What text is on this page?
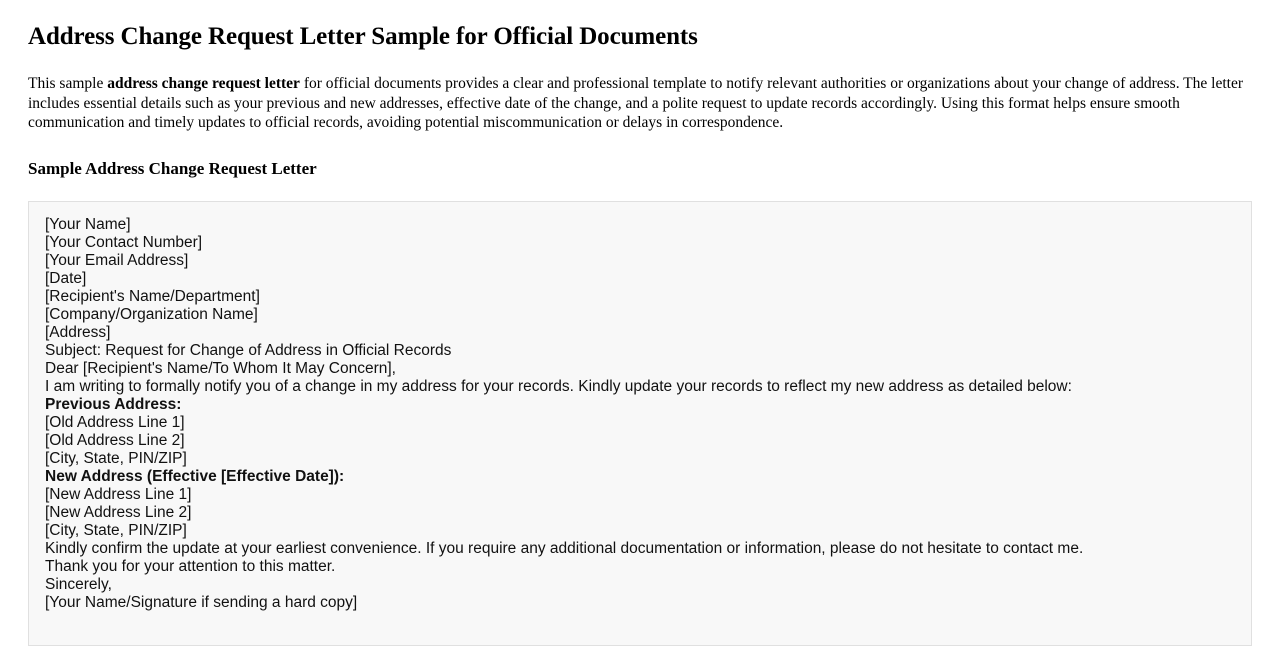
Address Change Request Letter Sample for Official Documents

This sample address change request letter for official documents provides a clear and professional template to notify relevant authorities or organizations about your change of address. The letter includes essential details such as your previous and new addresses, effective date of the change, and a polite request to update records accordingly. Using this format helps ensure smooth communication and timely updates to official records, avoiding potential miscommunication or delays in correspondence.

Sample Address Change Request Letter
[Your Name]
[Your Contact Number]
[Your Email Address]
[Date]
[Recipient's Name/Department]
[Company/Organization Name]
[Address]
Subject: Request for Change of Address in Official Records
Dear [Recipient's Name/To Whom It May Concern],
I am writing to formally notify you of a change in my address for your records. Kindly update your records to reflect my new address as detailed below:
Previous Address:
[Old Address Line 1]
[Old Address Line 2]
[City, State, PIN/ZIP]
New Address (Effective [Effective Date]):
[New Address Line 1]
[New Address Line 2]
[City, State, PIN/ZIP]
Kindly confirm the update at your earliest convenience. If you require any additional documentation or information, please do not hesitate to contact me.
Thank you for your attention to this matter.
Sincerely,
[Your Name/Signature if sending a hard copy]
